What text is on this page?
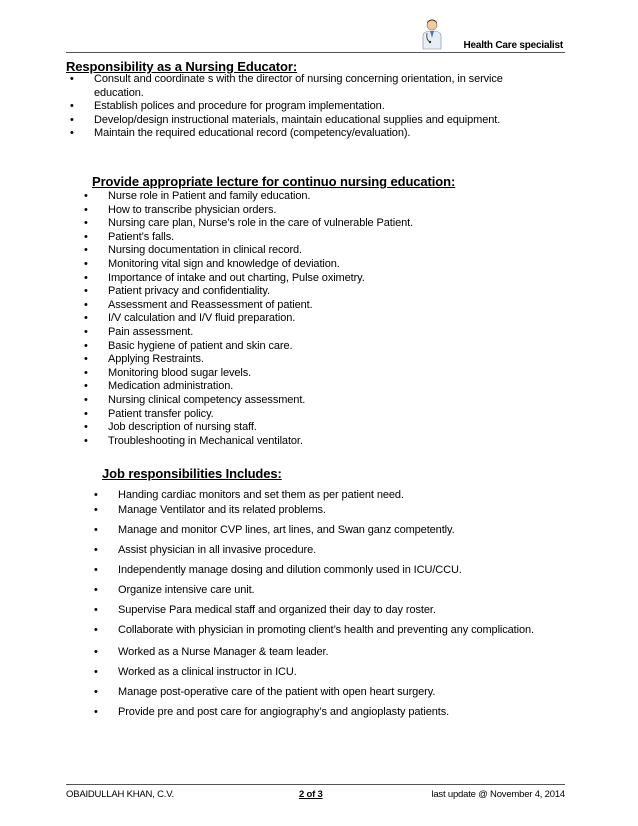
Health Care specialist
Responsibility as a Nursing Educator:
• Consult and coordinate s with the director of nursing concerning orientation, in service education.
• Establish polices and procedure for program implementation.
• Develop/design instructional materials, maintain educational supplies and equipment.
• Maintain the required educational record (competency/evaluation).
Provide appropriate lecture for continuo nursing education:
• Nurse role in Patient and family education.
• How to transcribe physician orders.
• Nursing care plan, Nurse’s role in the care of vulnerable Patient.
• Patient’s falls.
• Nursing documentation in clinical record.
• Monitoring vital sign and knowledge of deviation.
• Importance of intake and out charting, Pulse oximetry.
• Patient privacy and confidentiality.
• Assessment and Reassessment of patient.
• I/V calculation and I/V fluid preparation.
• Pain assessment.
• Basic hygiene of patient and skin care.
• Applying Restraints.
• Monitoring blood sugar levels.
• Medication administration.
• Nursing clinical competency assessment.
• Patient transfer policy.
• Job description of nursing staff.
• Troubleshooting in Mechanical ventilator.
Job responsibilities Includes:
• Handing cardiac monitors and set them as per patient need.
• Manage Ventilator and its related problems.
• Manage and monitor CVP lines, art lines, and Swan ganz competently.
• Assist physician in all invasive procedure.
• Independently manage dosing and dilution commonly used in ICU/CCU.
• Organize intensive care unit.
• Supervise Para medical staff and organized their day to day roster.
• Collaborate with physician in promoting client’s health and preventing any complication.
• Worked as a Nurse Manager & team leader.
• Worked as a clinical instructor in ICU.
• Manage post-operative care of the patient with open heart surgery.
• Provide pre and post care for angiography’s and angioplasty patients.
OBAIDULLAH KHAN, C.V.	2 of 3	last update @ November 4, 2014
